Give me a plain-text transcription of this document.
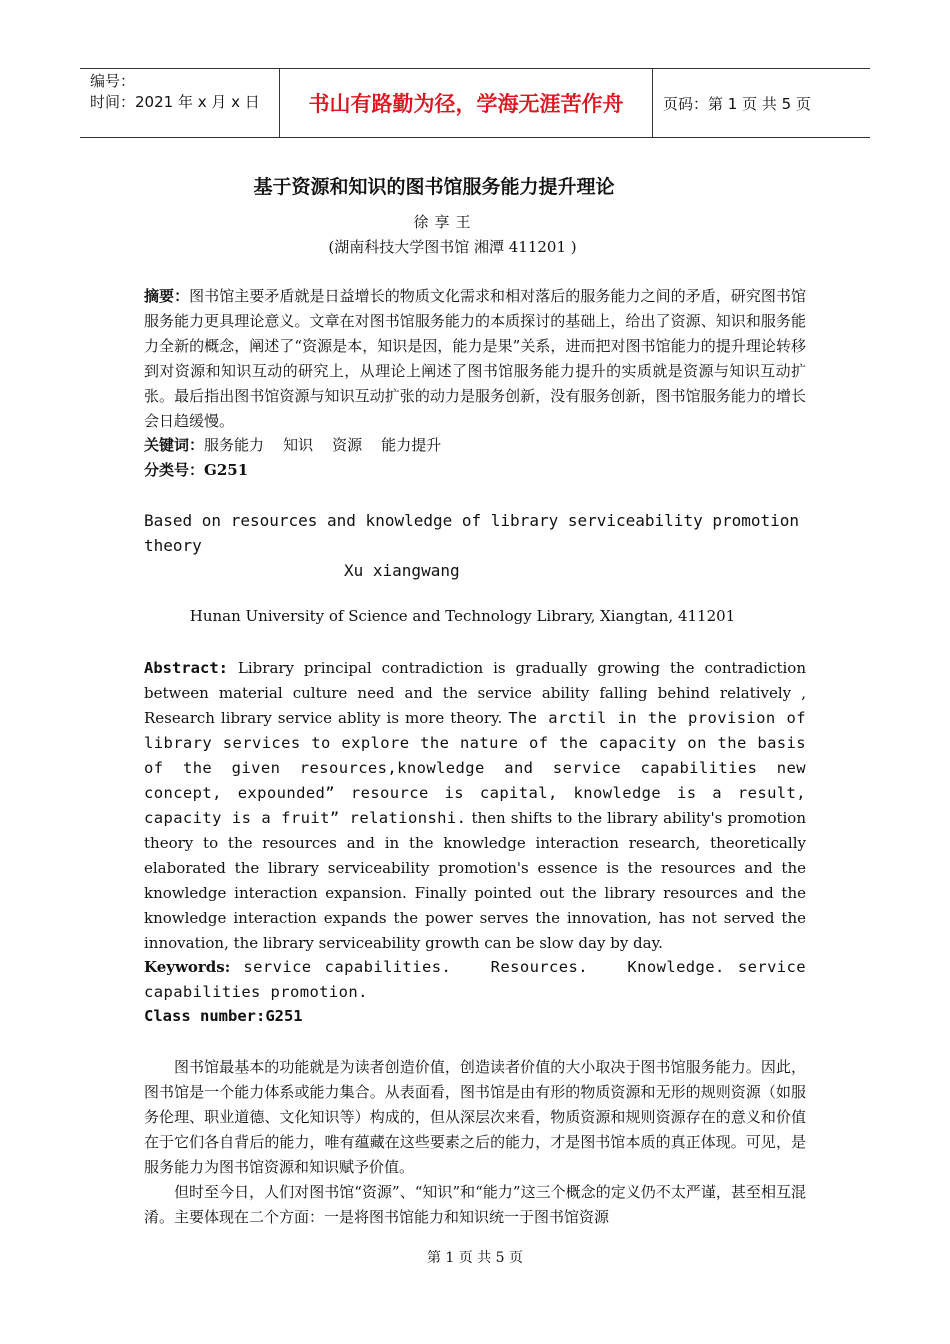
编号：
时间：2021 年 x 月 x 日	书山有路勤为径，学海无涯苦作舟	页码：第 1 页 共 5 页
基于资源和知识的图书馆服务能力提升理论
徐享王
(湖南科技大学图书馆 湘潭 411201 )
摘要：图书馆主要矛盾就是日益增长的物质文化需求和相对落后的服务能力之间的矛盾，研究图书馆服务能力更具理论意义。文章在对图书馆服务能力的本质探讨的基础上，给出了资源、知识和服务能力全新的概念，阐述了“资源是本，知识是因，能力是果”关系，进而把对图书馆能力的提升理论转移到对资源和知识互动的研究上，从理论上阐述了图书馆服务能力提升的实质就是资源与知识互动扩张。最后指出图书馆资源与知识互动扩张的动力是服务创新，没有服务创新，图书馆服务能力的增长会日趋缓慢。
关键词：服务能力    知识    资源    能力提升
分类号：G251
Based on resources and knowledge of library serviceability promotion theory
Xu xiangwang
Hunan University of Science and Technology Library, Xiangtan, 411201
Abstract: Library principal contradiction is gradually growing the contradiction between material culture need and the service ability falling behind relatively , Research library service ablity is more theory. The arctil in the provision of library services to explore the nature of the capacity on the basis of the given resources,knowledge and service capabilities new concept, expounded” resource is capital, knowledge is a result, capacity is a fruit” relationshi. then shifts to the library ability's promotion theory to the resources and in the knowledge interaction research, theoretically elaborated the library serviceability promotion's essence is the resources and the knowledge interaction expansion. Finally pointed out the library resources and the knowledge interaction expands the power serves the innovation, has not served the innovation, the library serviceability growth can be slow day by day.
Keywords: service capabilities.   Resources.   Knowledge. service capabilities promotion.
Class number:G251
图书馆最基本的功能就是为读者创造价值，创造读者价值的大小取决于图书馆服务能力。因此，图书馆是一个能力体系或能力集合。从表面看，图书馆是由有形的物质资源和无形的规则资源（如服务伦理、职业道德、文化知识等）构成的，但从深层次来看，物质资源和规则资源存在的意义和价值在于它们各自背后的能力，唯有蕴藏在这些要素之后的能力，才是图书馆本质的真正体现。可见，是服务能力为图书馆资源和知识赋予价值。
但时至今日，人们对图书馆“资源”、“知识”和“能力”这三个概念的定义仍不太严谨，甚至相互混淆。主要体现在二个方面：一是将图书馆能力和知识统一于图书馆资源
第 1 页 共 5 页
